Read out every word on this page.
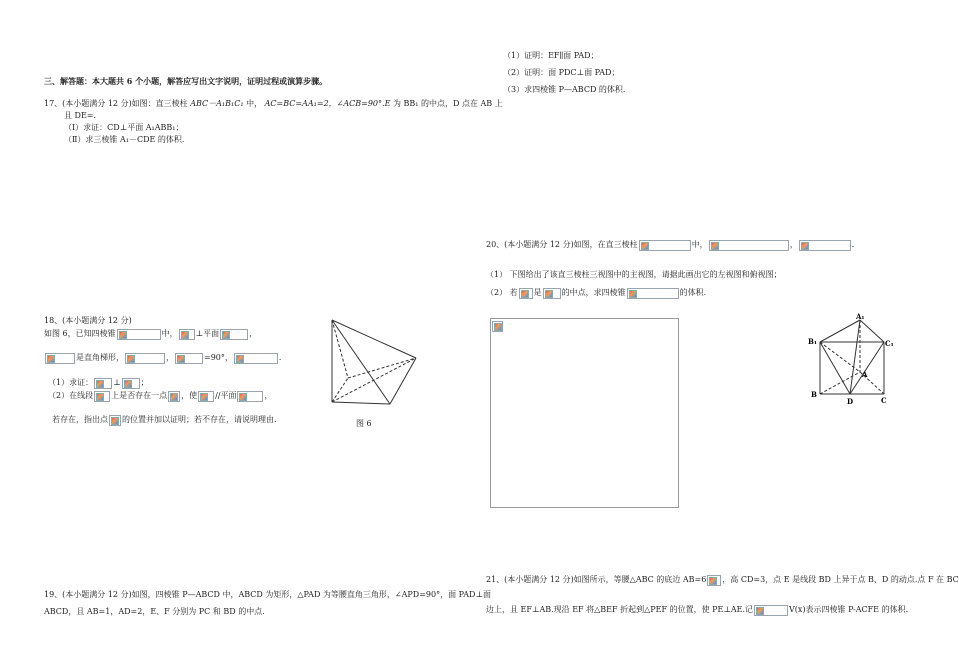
三、解答题：本大题共 6 个小题，解答应写出文字说明，证明过程或演算步骤。
17、(本小题满分 12 分)如图：直三棱柱 ABC－A₁B₁C₁ 中， AC=BC=AA₁=2，∠ACB=90°.E 为 BB₁ 的中点，D 点在 AB 上
且 DE=.
（Ⅰ）求证：CD⊥平面 A₁ABB₁；
（Ⅱ）求三棱锥 A₁－CDE 的体积.
18、(本小题满分 12 分)
如图 6，已知四棱锥	中， ⊥平面	，
是直角梯形，	，	=90°，	．
（1）求证：	⊥	；
（2）在线段 上是否存在一点 ，使 //平面	，
若存在，指出点 的位置并加以证明；若不存在，请说明理由.	图 6
19、(本小题满分 12 分)如图，四棱锥 P—ABCD 中，ABCD 为矩形，△PAD 为等腰直角三角形，∠APD=90°，面 PAD⊥面
ABCD，且 AB=1，AD=2，E、F 分别为 PC 和 BD 的中点.
（1）证明：EF∥面 PAD；
（2）证明：面 PDC⊥面 PAD；
（3）求四棱锥 P—ABCD 的体积.
20、(本小题满分 12 分)如图，在直三棱柱	中，	，	．
（1） 下图给出了该直三棱柱三视图中的主视图，请据此画出它的左视图和俯视图；
（2） 若 是	的中点，求四棱锥	的体积.
A₁
B₁	C₁
A
B
D	C
21、(本小题满分 12 分)如图所示，等腰△ABC 的底边 AB=6 ，高 CD=3，点 E 是线段 BD 上异于点 B、D 的动点.点 F 在 BC
边上，且 EF⊥AB.现沿 EF 将△BEF 折起到△PEF 的位置，使 PE⊥AE.记	V(x)表示四棱锥 P-ACFE 的体积.
